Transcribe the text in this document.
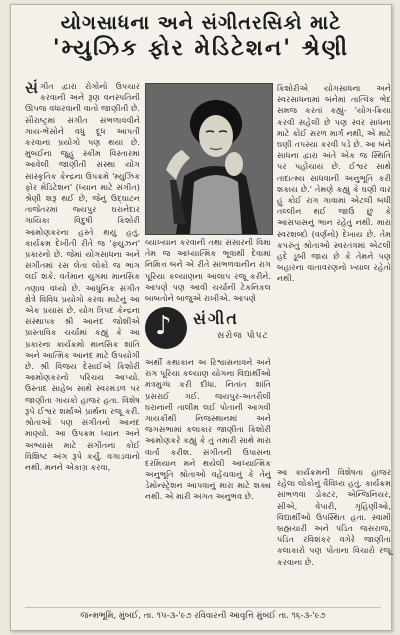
યોગસાધના અને સંગીતરસિકો માટે
'મ્યુઝિક ફોર મેડિટેશન' શ્રેણી
સંગીત દ્વારા રોગોનો ઉપચાર કરવાની અને રૂણ વનસ્પતિની ઊપજ વધારવાની વાતો જાણીતી છે. સૌરાષ્ટ્રમાં સંગીત સંભળાવવીને ગાય-ભેંસોને વધુ દૂધ આપતી કરવાના પ્રયોગો પણ થયા છે. મુંબઈના જુહુ સ્કીમ વિસ્તારમાં આવેલી જાણીતી સંસ્થા યોગ સાંસ્કૃતિક કેન્દ્રના ઉપક્રમે 'મ્યુઝિક ફોર મેડિટેશન' (ધ્યાન માટે સંગીત) શ્રેણી શરૂ થઈ છે, જેનું ઉદ્ઘાટન તાજેતરમાં જ્યપુર ઘરાનેદાર ગાયિકા વિદુષી કિશોરી આમોણકરના હસ્તે થયું હતું. કાર્યક્રમ દેખીતી રીતે જ 'ફ્યુઝન' પ્રકારનો છે. જેમાં યોગસાધના અને સંગીતમાં રસ લેતા લોકો જ ભાગ લઈ શકે. વર્તમાન યુગમાં માનસિક તણાવ વધ્યો છે. આધુનિક સંગીત ક્ષેત્રે વિવિધ પ્રયોગો કરવા માટેનું આ એક પ્રયાસ છે. યોગ ત્રિપદ કેન્દ્રના સંસ્થાપક શ્રી આનંદ જોશીએ પ્રાસ્તાવિક ચર્ચામાં કહ્યું કે આ પ્રકારના કાર્યક્રમો માનસિક શાંતિ અને આત્મિક આનંદ માટે ઉપયોગી છે. શ્રી વિજય દેસાઈએ કિશોરી આમોણકરનો પરિચય આપ્યો. ઉસ્તાદ સાહેબ સાથે સ્વરમંડળ પર જાણીતા ગાયકો હાજર હતા. વિશેષ રૂપે ઈશ્વર શર્માએ પ્રાર્થના રજૂ કરી. શ્રોતાઓ પણ સંગીતનો આનંદ માણ્યો. આ ઉપક્રમ ધ્યાન અને અભ્યાસ માટે સંગીતના કોઈ વિશિષ્ટ અંગ રૂપે કર્યું. વગાડવાનો નથી. મનને એકાગ્ર કરવા,
વ્યાખ્યાન કરવાની તથા સંસારની વિમા તેમ જ આધ્યાત્મિક ભૂવાથી દેવામાં નિમિત્ત બને એ રીતે સાંભળવાનીન રાગ પૂરિયા કલ્યાણના આલાપ રજૂ કરીને. આપણે પણ આવી ચર્ચાની ટેકનિકલ બાબતોને બાજુએ રાખીએ. આપણે
♪ સંગીત
સરોજ પોપટ
અર્થી કથાકાન અ રિશ્વાસનાવને અને રાગ પૂરિયા કલ્યાણ યોગના વિદ્યાર્થીઓ મંત્રમુગ્ધ કરી દીધા. નિતાંત શાંતિ પ્રસરાઈ ગઈ. જયપુર-અતરૌલી ઘરાનાની તાલીમ લઈ પોતાની આગવી ગાયકીથી નિજસ્થાનમાં અને જગસભામાં કલાકાર જાણીતા કિશોરી આમોણકરે કહ્યું કે તું તમારી સાથે મારા વાર્તા કરીશ. સંગીતની ઉપાસના દરમિયાન મને થયેલી આધ્યાત્મિક અનુભૂતિ શ્રોતાઓ વહેંચવાનું કે તેનું ડેમોન્સ્ટ્રેશન આપવાનું મારા માટે શક્ય નથી. એ મારી અંગત અનુભવ છે.
કિશોરીએ યોગસાધના અને સ્વરસાધનામાં બંનેમાં તાત્વિક ભેદ સમજ કરતાં કહ્યું- 'યોગ-ક્રિયા કરવી સહેલી છે પણ સ્વર સાધના માટે કોઈ સરળ માર્ગ નથી, એ માટે ઘણી તપસ્યા કરવી પડે છે. આ બંને સાધના દ્વારા અંતે એક જ સ્થિતિ પર પહોંચાય છે. ઈશ્વર સાથે તાદાત્મ્ય સાધવાની અનુભૂતિ કરી શકાય છે.' તેમણે કહ્યું કે ઘણી વાર હું કોઈ રાગ ગાવામાં એટલી બધી તલ્લીન થઈ જાઉં છું કે આસપાસનું ભાન રહેતું નથી. મારા સ્વરશબ્દો (વર્ણનો) દેખાય છે. તેમ કપરુંતું શ્રોતાઓ સ્વરતંત્રમાં એટલી હદે ડૂબી જાય છે કે તેમને પણ બહારના વાતાવરણનો ખ્યાલ રહેતો નથી.
આ કાર્યક્રમની વિશેષતા હાજર રહેલા લોકોનું વૈવિધ્ય હતું. કાર્યક્રમ સાંભળવા ડોક્ટર, એન્જિનિયર, સીએ, વેપારી, ગૃહિણીઓ, વિદ્યાર્થીઓ ઉપસ્થિત હતા. સ્વામી બ્રહ્મચારી અને પંડિત જસરાજ, પંડિત રવિશંકર વગેરે જાણીતા કલાકારો પણ પોતાના વિચારો રજૂ કરવાના છે.
જન્મભૂમિ, મુંબઈ, તા. ૧૫-૩-'૯૭ રવિવારની આવૃત્તિ મુંબઈ તા. ૧૬-૩-'૯૭
